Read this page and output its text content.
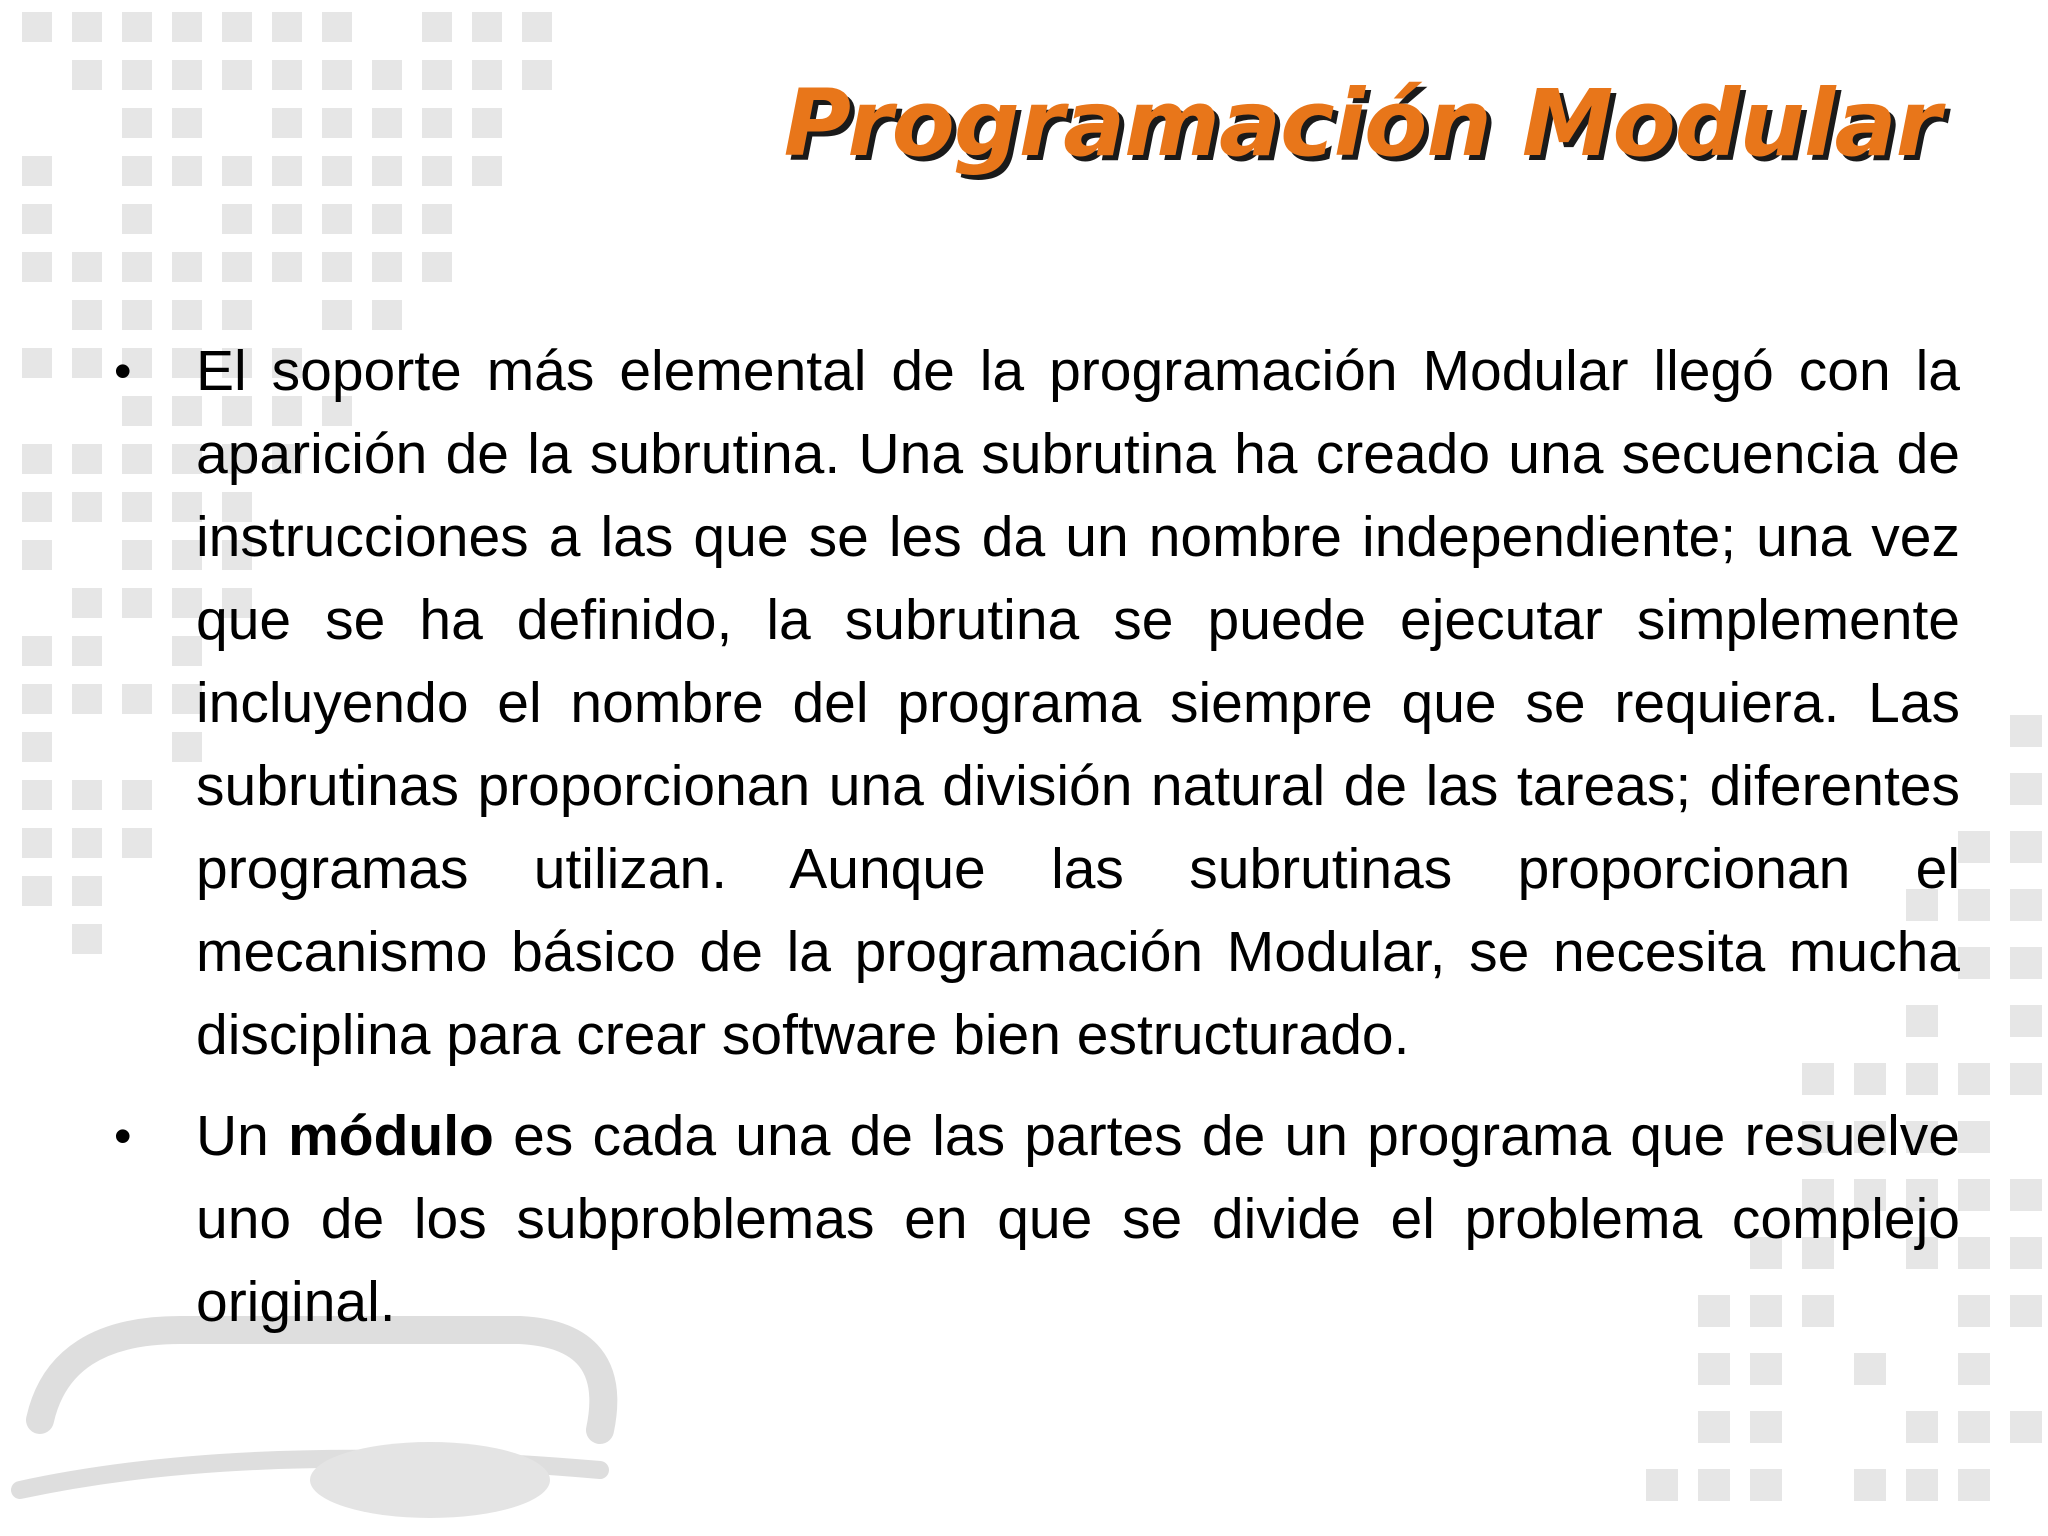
Programación Modular
• El soporte más elemental de la programación Modular llegó con la aparición de la subrutina. Una subrutina ha creado una secuencia de instrucciones a las que se les da un nombre independiente; una vez que se ha definido, la subrutina se puede ejecutar simplemente incluyendo el nombre del programa siempre que se requiera. Las subrutinas proporcionan una división natural de las tareas; diferentes programas utilizan. Aunque las subrutinas proporcionan el mecanismo básico de la programación Modular, se necesita mucha disciplina para crear software bien estructurado.
• Un módulo es cada una de las partes de un programa que resuelve uno de los subproblemas en que se divide el problema complejo original.
